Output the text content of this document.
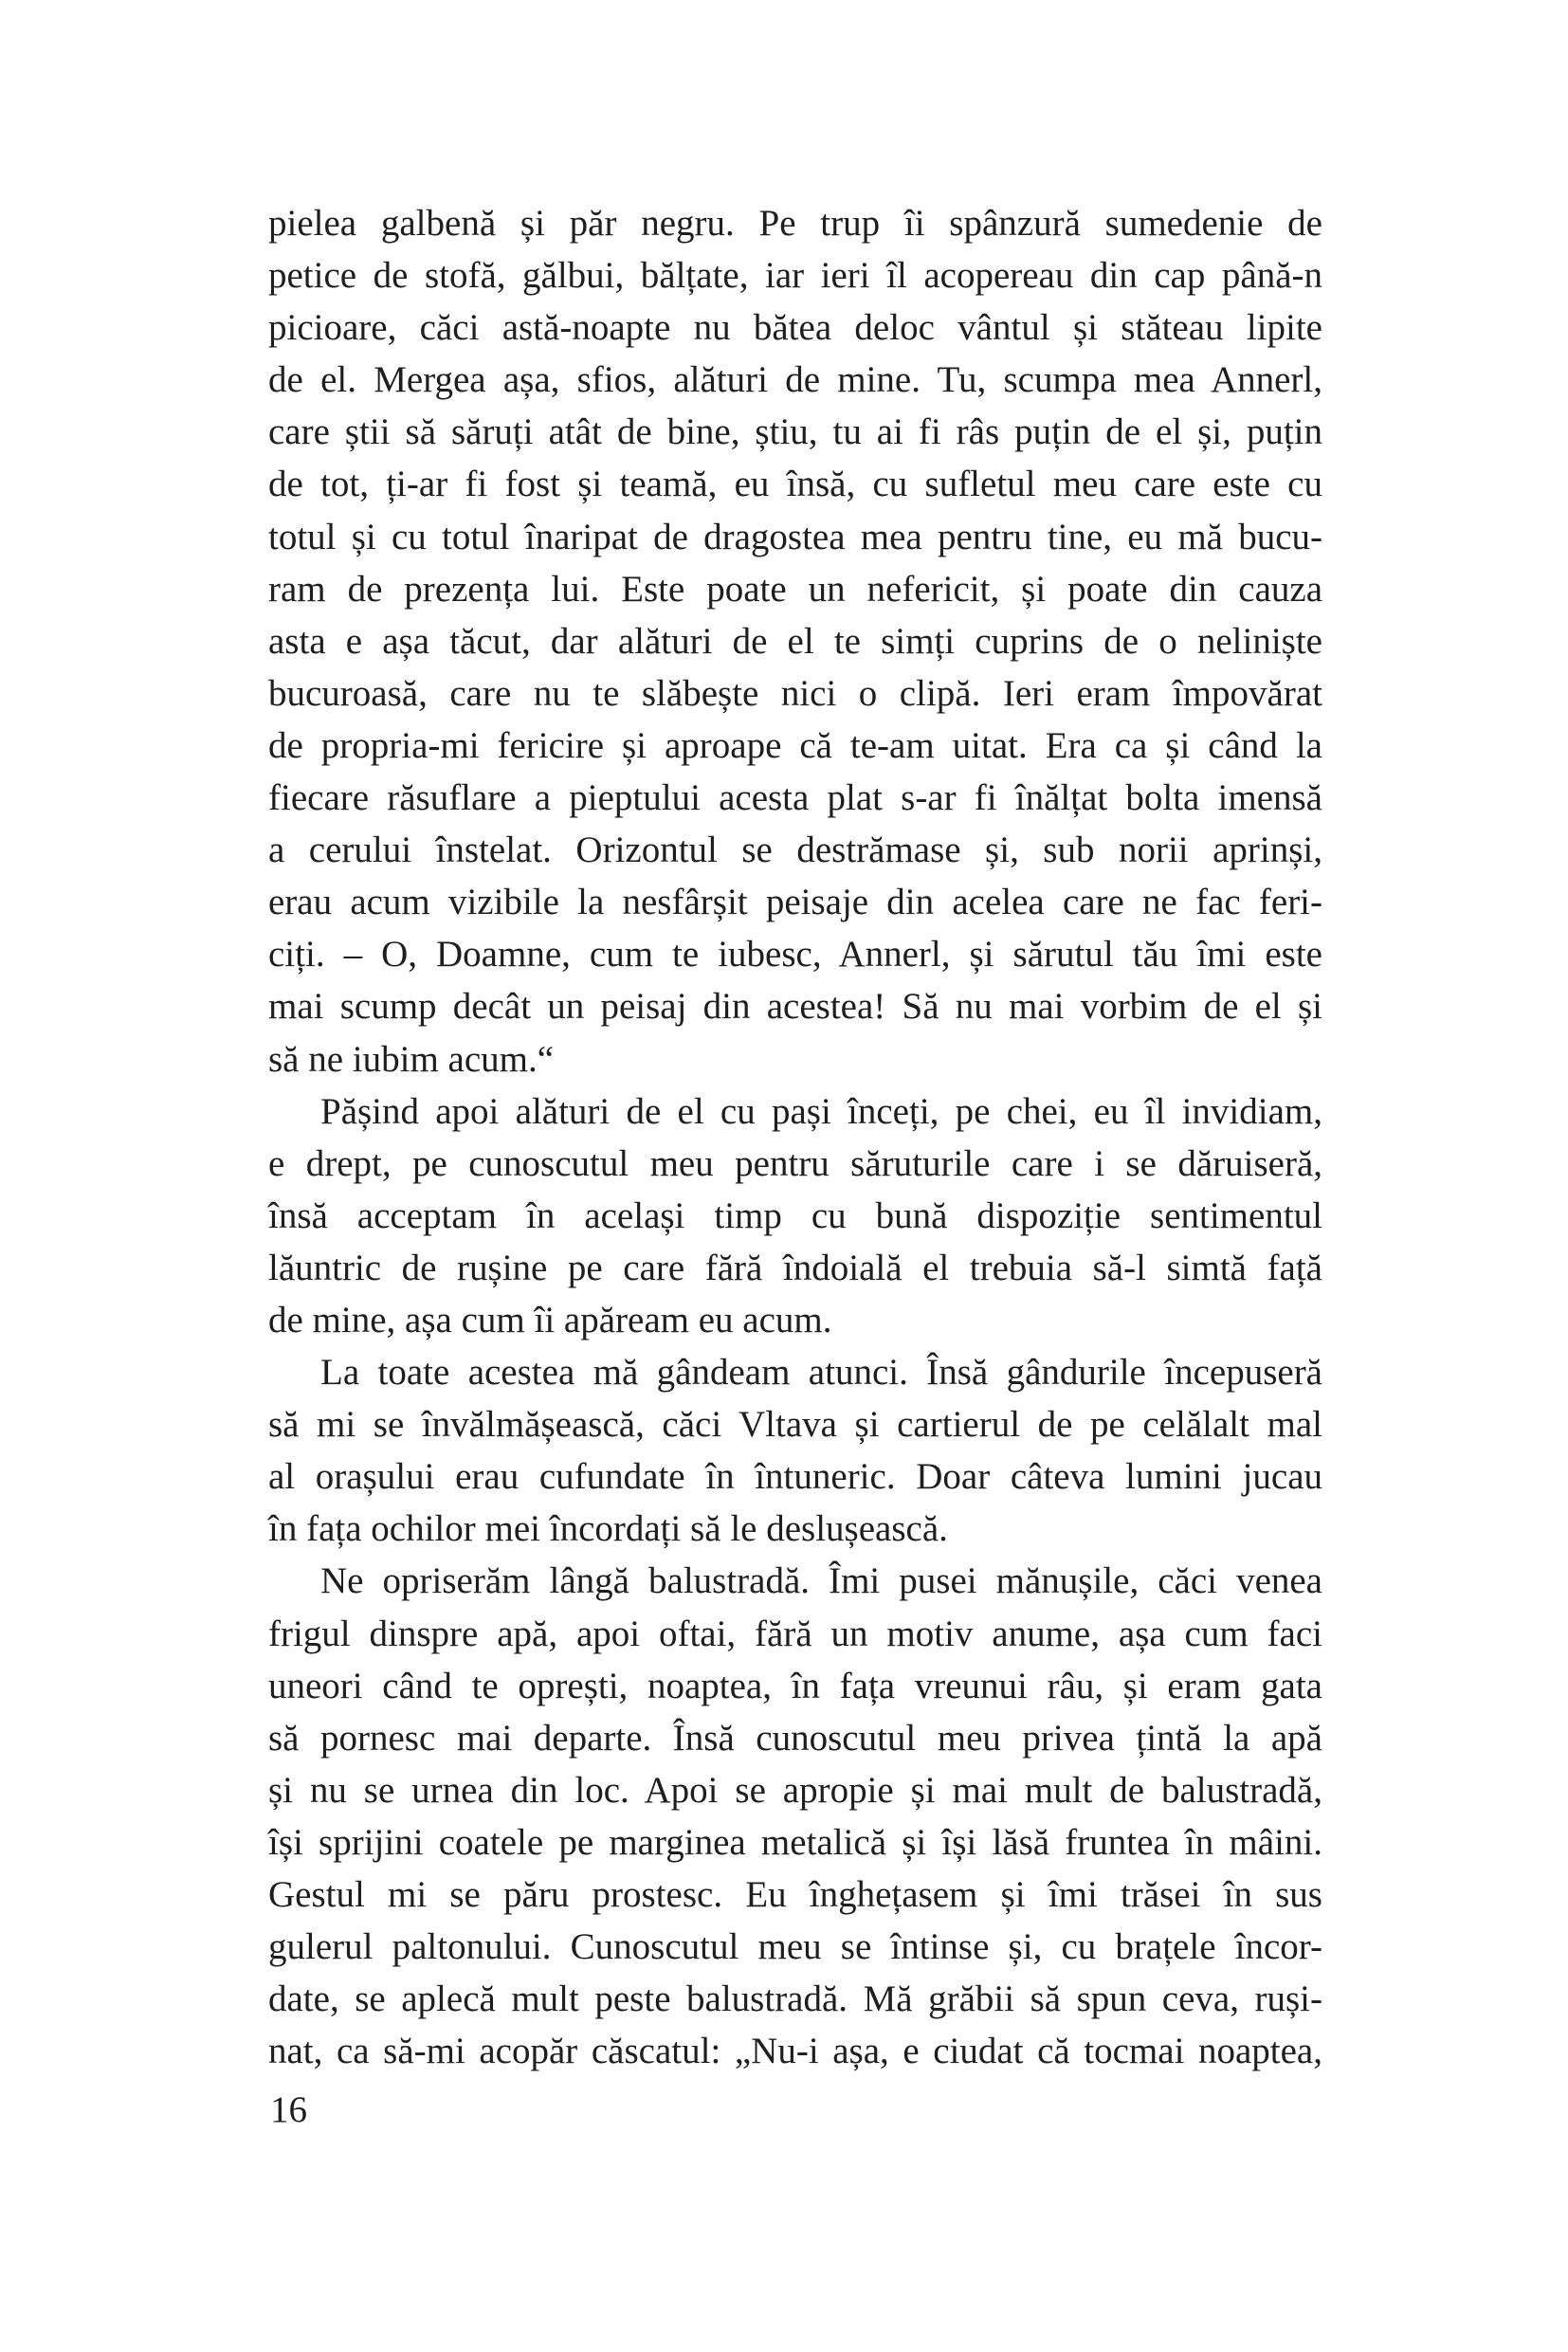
pielea galbenă și păr negru. Pe trup îi spânzură sumedenie de
petice de stofă, gălbui, bălțate, iar ieri îl acopereau din cap până-n
picioare, căci astă-noapte nu bătea deloc vântul și stăteau lipite
de el. Mergea așa, sfios, alături de mine. Tu, scumpa mea Annerl,
care știi să săruți atât de bine, știu, tu ai fi râs puțin de el și, puțin
de tot, ți-ar fi fost și teamă, eu însă, cu sufletul meu care este cu
totul și cu totul înaripat de dragostea mea pentru tine, eu mă bucu-
ram de prezența lui. Este poate un nefericit, și poate din cauza
asta e așa tăcut, dar alături de el te simți cuprins de o neliniște
bucuroasă, care nu te slăbește nici o clipă. Ieri eram împovărat
de propria-mi fericire și aproape că te-am uitat. Era ca și când la
fiecare răsuflare a pieptului acesta plat s-ar fi înălțat bolta imensă
a cerului înstelat. Orizontul se destrămase și, sub norii aprinși,
erau acum vizibile la nesfârșit peisaje din acelea care ne fac feri-
ciți. – O, Doamne, cum te iubesc, Annerl, și sărutul tău îmi este
mai scump decât un peisaj din acestea! Să nu mai vorbim de el și
să ne iubim acum.“
Pășind apoi alături de el cu pași înceți, pe chei, eu îl invidiam,
e drept, pe cunoscutul meu pentru săruturile care i se dăruiseră,
însă acceptam în același timp cu bună dispoziție sentimentul
lăuntric de rușine pe care fără îndoială el trebuia să-l simtă față
de mine, așa cum îi apăream eu acum.
La toate acestea mă gândeam atunci. Însă gândurile începuseră
să mi se învălmășească, căci Vltava și cartierul de pe celălalt mal
al orașului erau cufundate în întuneric. Doar câteva lumini jucau
în fața ochilor mei încordați să le deslușească.
Ne opriserăm lângă balustradă. Îmi pusei mănușile, căci venea
frigul dinspre apă, apoi oftai, fără un motiv anume, așa cum faci
uneori când te oprești, noaptea, în fața vreunui râu, și eram gata
să pornesc mai departe. Însă cunoscutul meu privea țintă la apă
și nu se urnea din loc. Apoi se apropie și mai mult de balustradă,
își sprijini coatele pe marginea metalică și își lăsă fruntea în mâini.
Gestul mi se păru prostesc. Eu înghețasem și îmi trăsei în sus
gulerul paltonului. Cunoscutul meu se întinse și, cu brațele încor-
date, se aplecă mult peste balustradă. Mă grăbii să spun ceva, ruși-
nat, ca să-mi acopăr căscatul: „Nu-i așa, e ciudat că tocmai noaptea,
16
